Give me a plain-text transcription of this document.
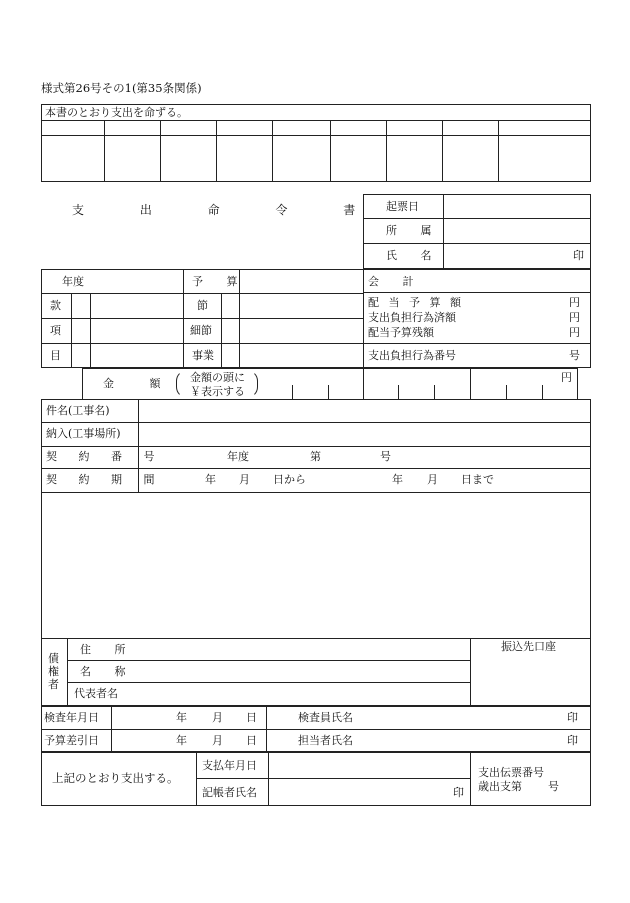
様式第26号その1(第35条関係)
本書のとおり支出を命ずる。
支 出 命 令 書 起票日
所 属
氏 名	印
年度	予 算	会 計
款	節
項	細節
目	事業
配 当 予 算 額	円
支出負担行為済額	円
配当予算残額	円
支出負担行為番号	号
金 額 金額の頭に
￥表示する
円
件名(工事名)
納入(工事場所)
契 約 番 号	年度	第	号
契 約 期 間	年 月 日から	年 月 日まで
債
権
者
住 所
名 称
代表者名
振込先口座
検査年月日	年 月 日	検査員氏名	印
予算差引日	年 月 日	担当者氏名	印
上記のとおり支出する。
支払年月日
記帳者氏名	印
支出伝票番号
歳出支第 号
